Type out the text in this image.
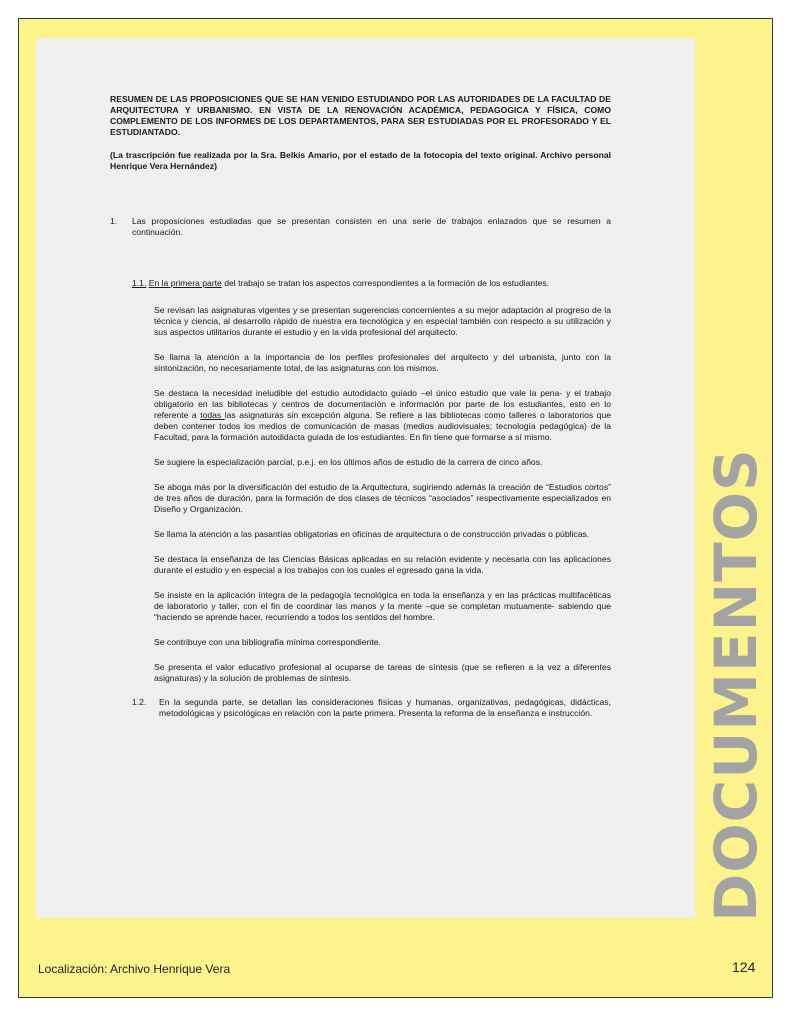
RESUMEN DE LAS PROPOSICIONES QUE SE HAN VENIDO ESTUDIANDO POR LAS AUTORIDADES DE LA FACULTAD DE ARQUITECTURA Y URBANISMO. EN VISTA DE LA RENOVACIÓN ACADÉMICA, PEDAGOGICA Y FÍSICA, COMO COMPLEMENTO DE LOS INFORMES DE LOS DEPARTAMENTOS, PARA SER ESTUDIADAS POR EL PROFESORADO Y EL ESTUDIANTADO.

(La trascripción fue realizada por la Sra. Belkis Amario, por el estado de la fotocopia del texto original. Archivo personal Henrique Vera Hernández)

1.	Las proposiciones estudiadas que se presentan consisten en una serie de trabajos enlazados que se resumen a continuación.
1.1. En la primera parte del trabajo se tratan los aspectos correspondientes a la formación de los estudiantes.
Se revisan las asignaturas vigentes y se presentan sugerencias concernientes a su mejor adaptación al progreso de la técnica y ciencia, al desarrollo rápido de nuestra era tecnológica y en especial también con respecto a su utilización y sus aspectos utilitarios durante el estudio y en la vida profesional del arquitecto.
Se llama la atención a la importancia de los perfiles profesionales del arquitecto y del urbanista, junto con la sintonización, no necesariamente total, de las asignaturas con los mismos.
Se destaca la necesidad ineludible del estudio autodidacto guiado –el único estudio que vale la pena- y el trabajo obligatorio en las bibliotecas y centros de documentación e información por parte de los estudiantes, esto en lo referente a todas las asignaturas sin excepción alguna. Se refiere a las bibliotecas como talleres o laboratorios que deben contener todos los medios de comunicación de masas (medios audiovisuales; tecnología pedagógica) de la Facultad, para la formación autodidacta guiada de los estudiantes. En fin tiene que formarse a sí mismo.
Se sugiere la especialización parcial, p.e.j. en los últimos años de estudio de la carrera de cinco años.
Se aboga más por la diversificación del estudio de la Arquitectura, sugiriendo además la creación de “Estudios cortos” de tres años de duración, para la formación de dos clases de técnicos “asociados” respectivamente especializados en Diseño y Organización.
Se llama la atención a las pasantías obligatorias en oficinas de arquitectura o de construcción privadas o públicas.
Se destaca la enseñanza de las Ciencias Básicas aplicadas en su relación evidente y necesaria con las aplicaciones durante el estudio y en especial a los trabajos con los cuales el egresado gana la vida.
Se insiste en la aplicación íntegra de la pedagogía tecnológica en toda la enseñanza y en las prácticas multifacéticas de laboratorio y taller, con el fin de coordinar las manos y la mente –que se completan mutuamente- sabiendo que “haciendo se aprende hacer, recurriendo a todos los sentidos del hombre.
Se contribuye con una bibliografía mínima correspondiente.
Se presenta el valor educativo profesional al ocuparse de tareas de síntesis (que se refieren a la vez a diferentes asignaturas) y la solución de problemas de síntesis.
1.2.	En la segunda parte, se detallan las consideraciones físicas y humanas, organizativas, pedagógicas, didácticas, metodológicas y psicológicas en relación con la parte primera. Presenta la reforma de la enseñanza e instrucción.	DOCUMENTOS
Localización: Archivo Henrique Vera	124
